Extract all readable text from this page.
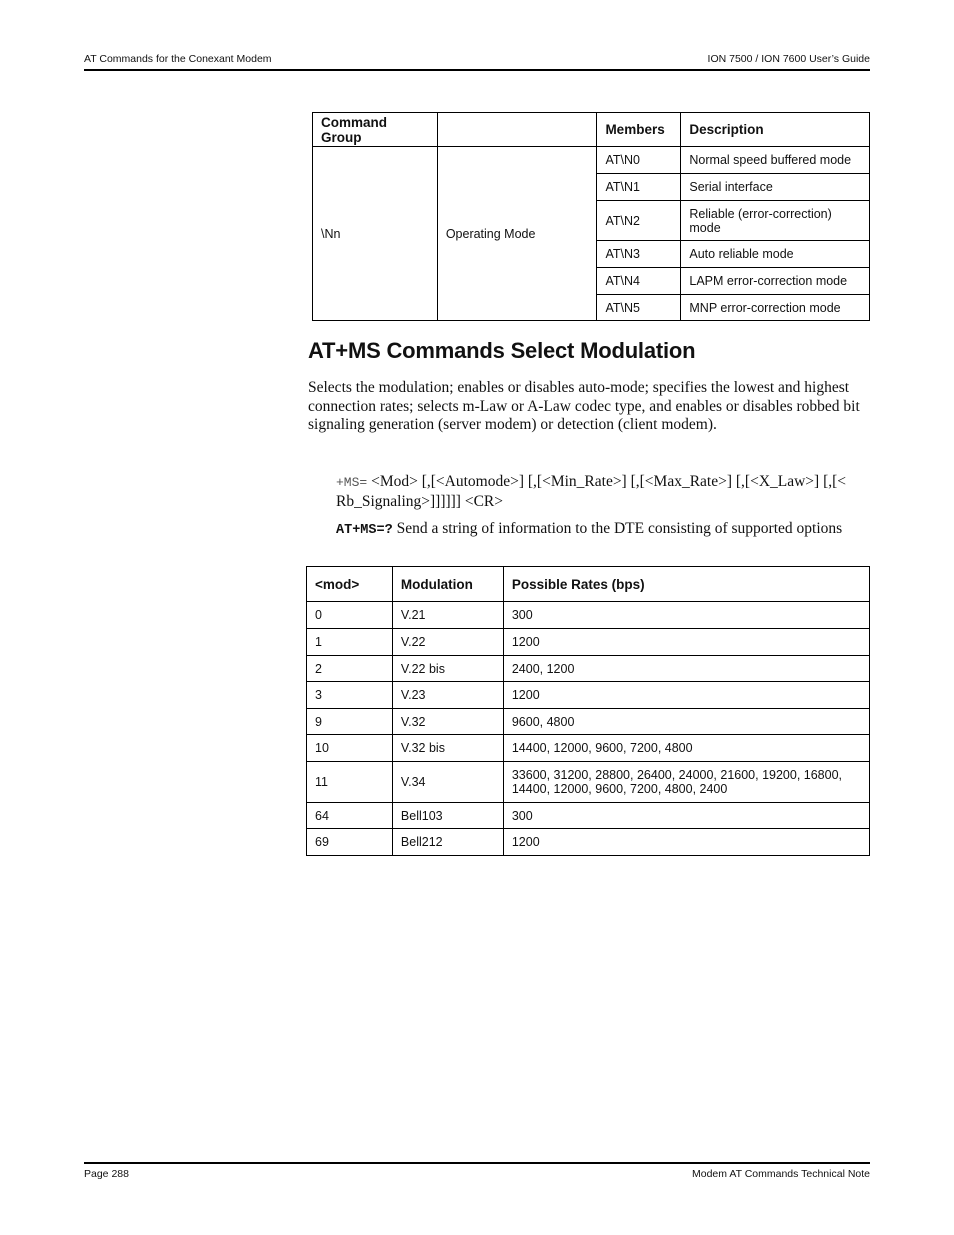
AT Commands for the Conexant Modem	ION 7500 / ION 7600 User’s Guide
Command Group		Members	Description
\Nn	Operating Mode	AT\N0	Normal speed buffered mode
		AT\N1	Serial interface
		AT\N2	Reliable (error-correction) mode
		AT\N3	Auto reliable mode
		AT\N4	LAPM error-correction mode
		AT\N5	MNP error-correction mode
AT+MS Commands Select Modulation

Selects the modulation; enables or disables auto-mode; specifies the lowest and highest connection rates; selects m-Law or A-Law codec type, and enables or disables robbed bit signaling generation (server modem) or detection (client modem).

+MS= <Mod> [,[<Automode>] [,[<Min_Rate>] [,[<Max_Rate>] [,[<X_Law>] [,[< Rb_Signaling>]]]]]] <CR>

AT+MS=? Send a string of information to the DTE consisting of supported options

<mod>	Modulation	Possible Rates (bps)
0	V.21	300
1	V.22	1200
2	V.22 bis	2400, 1200
3	V.23	1200
9	V.32	9600, 4800
10	V.32 bis	14400, 12000, 9600, 7200, 4800
11	V.34	33600, 31200, 28800, 26400, 24000, 21600, 19200, 16800, 14400, 12000, 9600, 7200, 4800, 2400
64	Bell103	300
69	Bell212	1200
Page 288	Modem AT Commands Technical Note
